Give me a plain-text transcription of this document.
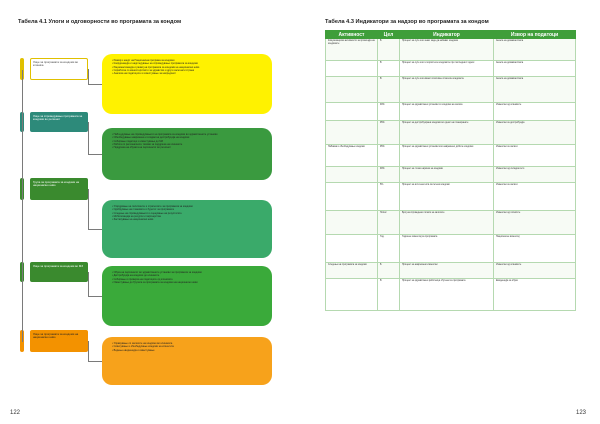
Табела 4.1 Улоги и одговорности во програмата за кондом
Лице за програмата за кондоми во клиника
Лице за спроведување програмата за кондоми во регионот
Група за програмата за кондоми на национално ниво
Лице за програмата за кондоми во МЗ
Лице за програмата за кондоми на национално ниво
• Развој и нацрт на Национална програма за кондоми
• Координација и надгледување на спроведување програмата за кондоми
• Рационализација и развој на програмата за кондоми на национално ниво
• Соработка со министерството за здравство и други засегнати страни
• Анализа на податоците и известување за напредокот
• Набљудување на спроведувањето на програмата за кондоми во здравствените установи
• Обезбедување навремена и соодветна дистрибуција на кондоми
• Собирање податоци и известување до МЗ
• Работа со регионалните тимови за поддршка на клиниките
• Поддршка на обуката на персоналот во регионот
• Утврдување на политиките и стратегиите за програмата за кондоми
• Одобрување на плановите и буџетот за програмата
• Следење на спроведувањето и оценување на резултатите
• Мобилизација на ресурси и партнерства
• Застапување на национално ниво
• Обука на персоналот во здравствените установи за програмата за кондоми
• Дистрибуција на кондоми до клиниките
• Собирање и проверка на податоците од клиниките
• Известување до Групата за програмата за кондоми на национално ниво
• Управување со залихите на кондоми во клиниката
• Советување и обезбедување кондоми на клиентите
• Водење евиденција и известување
122
Табела 4.3 Индикатори за надзор во програмата за кондом
Активност	Цел	Индикатор	Извор на податоци
Комуникациски активности за промоција на кондомите	Б	Процент на луѓе кои знаат каде да набават кондоми	Анкета на домаќинствата
	В	Процент на луѓе кои ги користеле кондомите при последниот однос	Анкета на домаќинствата
	В	Процент на луѓе кои имаат позитивен став кон кондомите	Анкета на домаќинствата
	90%	Процент на здравствени установи со кондоми на залиха	Извештаи од клиниките
	95%	Процент на дистрибуирани кондоми во однос на планираните	Извештаи за дистрибуција
Набавка и обезбедување кондоми	95%	Процент на здравствени установи кои навремено добиле кондоми	Извештаи за залихи
	90%	Процент на точни нарачки на кондоми	Извештаи од складиштето
	5%	Процент на истечени или оштетени кондоми	Извештаи за залихи
	Попис	Број на спроведени пописи на залихите	Извештаи од пописите
	Год.	Годишен извештај за програмата	Национален извештај
Следење на програмата за кондоми	Б	Процент на навремени извештаи	Извештаи од клиниките
	В	Процент на здравствени работници обучени за програмата	Евиденција за обуки
123
